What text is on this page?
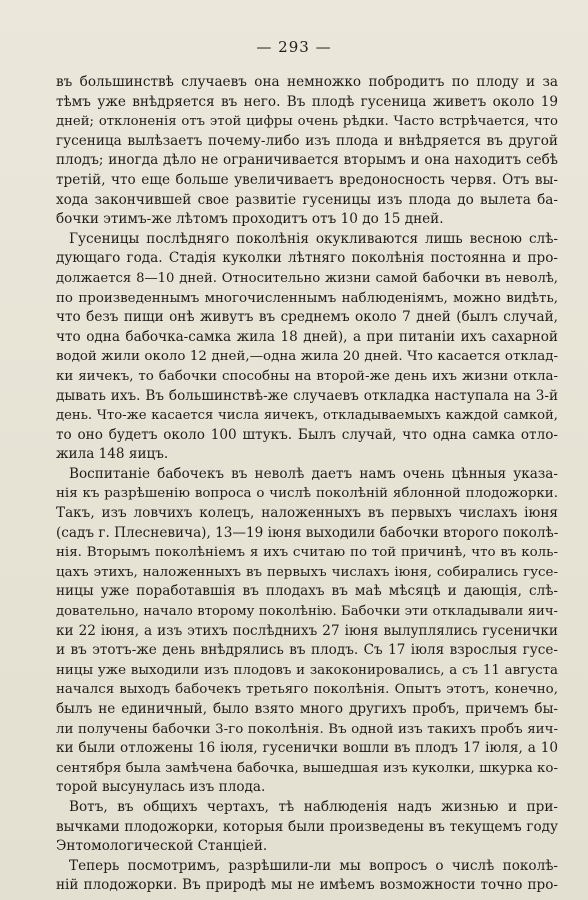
— 293 —
въ большинствѣ случаевъ она немножко побродитъ по плоду и за
тѣмъ уже внѣдряется въ него. Въ плодѣ гусеница живетъ около 19
дней; отклоненія отъ этой цифры очень рѣдки. Часто встрѣчается, что
гусеница вылѣзаетъ почему-либо изъ плода и внѣдряется въ другой
плодъ; иногда дѣло не ограничивается вторымъ и она находитъ себѣ
третій, что еще больше увеличиваетъ вредоносность червя. Отъ вы-
хода закончившей свое развитіе гусеницы изъ плода до вылета ба-
бочки этимъ-же лѣтомъ проходитъ отъ 10 до 15 дней.
Гусеницы послѣдняго поколѣнія окукливаются лишь весною слѣ-
дующаго года. Стадія куколки лѣтняго поколѣнія постоянна и про-
должается 8—10 дней. Относительно жизни самой бабочки въ неволѣ,
по произведеннымъ многочисленнымъ наблюденіямъ, можно видѣть,
что безъ пищи онѣ живутъ въ среднемъ около 7 дней (былъ случай,
что одна бабочка-самка жила 18 дней), а при питаніи ихъ сахарной
водой жили около 12 дней,—одна жила 20 дней. Что касается отклад-
ки яичекъ, то бабочки способны на второй-же день ихъ жизни откла-
дывать ихъ. Въ большинствѣ-же случаевъ откладка наступала на 3-й
день. Что-же касается числа яичекъ, откладываемыхъ каждой самкой,
то оно будетъ около 100 штукъ. Былъ случай, что одна самка отло-
жила 148 яицъ.
Воспитаніе бабочекъ въ неволѣ даетъ намъ очень цѣнныя указа-
нія къ разрѣшенію вопроса о числѣ поколѣній яблонной плодожорки.
Такъ, изъ ловчихъ колецъ, наложенныхъ въ первыхъ числахъ іюня
(садъ г. Плесневича), 13—19 іюня выходили бабочки второго поколѣ-
нія. Вторымъ поколѣніемъ я ихъ считаю по той причинѣ, что въ коль-
цахъ этихъ, наложенныхъ въ первыхъ числахъ іюня, собирались гусе-
ницы уже поработавшія въ плодахъ въ маѣ мѣсяцѣ и дающія, слѣ-
довательно, начало второму поколѣнію. Бабочки эти откладывали яич-
ки 22 іюня, а изъ этихъ послѣднихъ 27 іюня вылуплялись гусенички
и въ этотъ-же день внѣдрялись въ плодъ. Съ 17 іюля взрослыя гусе-
ницы уже выходили изъ плодовъ и закоконировались, а съ 11 августа
начался выходъ бабочекъ третьяго поколѣнія. Опытъ этотъ, конечно,
былъ не единичный, было взято много другихъ пробъ, причемъ бы-
ли получены бабочки 3-го поколѣнія. Въ одной изъ такихъ пробъ яич-
ки были отложены 16 іюля, гусенички вошли въ плодъ 17 іюля, а 10
сентября была замѣчена бабочка, вышедшая изъ куколки, шкурка ко-
торой высунулась изъ плода.
Вотъ, въ общихъ чертахъ, тѣ наблюденія надъ жизнью и при-
вычками плодожорки, которыя были произведены въ текущемъ году
Энтомологической Станціей.
Теперь посмотримъ, разрѣшили-ли мы вопросъ о числѣ поколѣ-
ній плодожорки. Въ природѣ мы не имѣемъ возможности точно про-
